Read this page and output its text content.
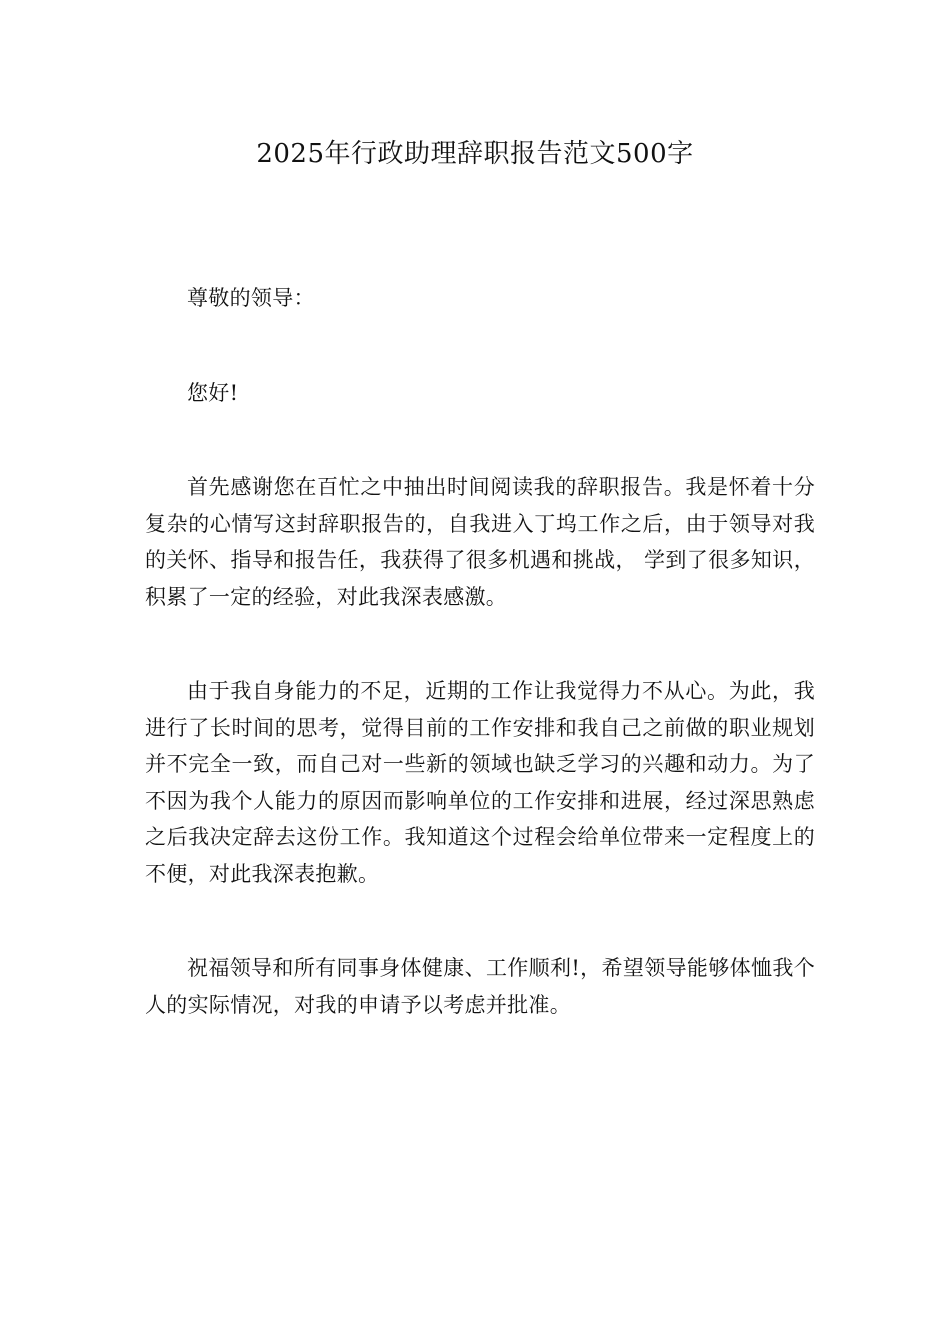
2025年行政助理辞职报告范文500字

尊敬的领导：

您好!

首先感谢您在百忙之中抽出时间阅读我的辞职报告。我是怀着十分复杂的心情写这封辞职报告的，自我进入丁坞工作之后，由于领导对我的关怀、指导和报告任，我获得了很多机遇和挑战， 学到了很多知识，积累了一定的经验，对此我深表感激。

由于我自身能力的不足，近期的工作让我觉得力不从心。为此，我进行了长时间的思考，觉得目前的工作安排和我自己之前做的职业规划并不完全一致，而自己对一些新的领域也缺乏学习的兴趣和动力。为了不因为我个人能力的原因而影响单位的工作安排和进展，经过深思熟虑之后我决定辞去这份工作。我知道这个过程会给单位带来一定程度上的不便，对此我深表抱歉。

祝福领导和所有同事身体健康、工作顺利!，希望领导能够体恤我个人的实际情况，对我的申请予以考虑并批准。
